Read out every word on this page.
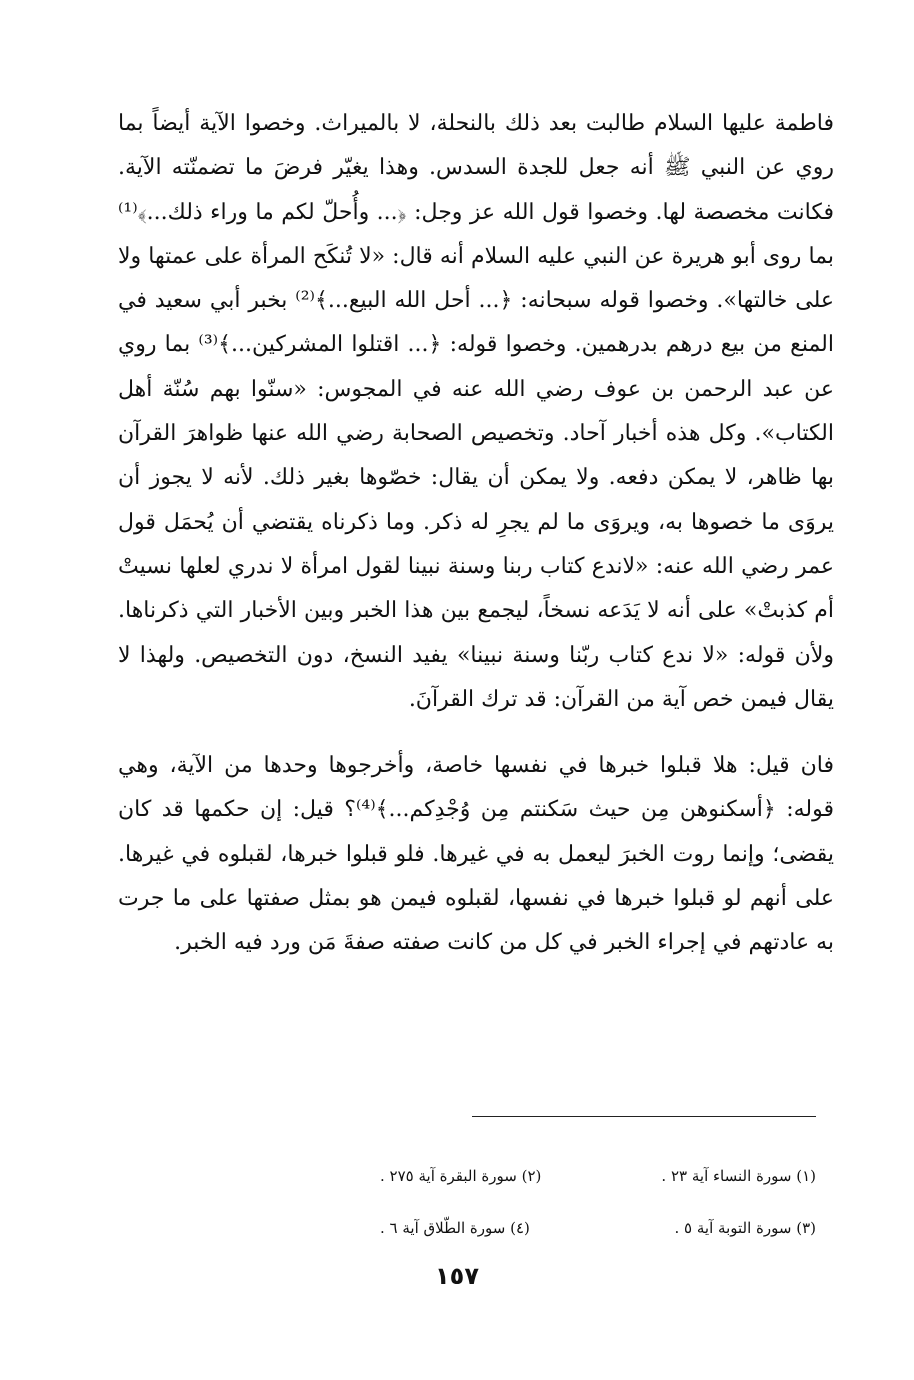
فاطمة عليها السلام طالبت بعد ذلك بالنحلة، لا بالميراث. وخصوا الآية أيضاً بما روي عن النبي ﷺ أنه جعل للجدة السدس. وهذا يغيّر فرضَ ما تضمنّته الآية. فكانت مخصصة لها. وخصوا قول الله عز وجل: ﴿... وأُحلّ لكم ما وراء ذلك...﴾⁽¹⁾ بما روى أبو هريرة عن النبي عليه السلام أنه قال: «لا تُنكَح المرأة على عمتها ولا على خالتها». وخصوا قوله سبحانه: ﴿... أحل الله البيع...﴾⁽²⁾ بخبر أبي سعيد في المنع من بيع درهم بدرهمين. وخصوا قوله: ﴿... اقتلوا المشركين...﴾⁽³⁾ بما روي عن عبد الرحمن بن عوف رضي الله عنه في المجوس: «سنّوا بهم سُنّة أهل الكتاب». وكل هذه أخبار آحاد. وتخصيص الصحابة رضي الله عنها ظواهرَ القرآن بها ظاهر، لا يمكن دفعه. ولا يمكن أن يقال: خصّوها بغير ذلك. لأنه لا يجوز أن يروَى ما خصوها به، ويروَى ما لم يجرِ له ذكر. وما ذكرناه يقتضي أن يُحمَل قول عمر رضي الله عنه: «لاندع كتاب ربنا وسنة نبينا لقول امرأة لا ندري لعلها نسيتْ أم كذبتْ» على أنه لا يَدَعه نسخاً، ليجمع بين هذا الخبر وبين الأخبار التي ذكرناها. ولأن قوله: «لا ندع كتاب ربّنا وسنة نبينا» يفيد النسخ، دون التخصيص. ولهذا لا يقال فيمن خص آية من القرآن: قد ترك القرآنَ.

فان قيل: هلا قبلوا خبرها في نفسها خاصة، وأخرجوها وحدها من الآية، وهي قوله: ﴿أسكنوهن مِن حيث سَكنتم مِن وُجْدِكم...﴾⁽⁴⁾؟ قيل: إن حكمها قد كان يقضى؛ وإنما روت الخبرَ ليعمل به في غيرها. فلو قبلوا خبرها، لقبلوه في غيرها. على أنهم لو قبلوا خبرها في نفسها، لقبلوه فيمن هو بمثل صفتها على ما جرت به عادتهم في إجراء الخبر في كل من كانت صفته صفةَ مَن ورد فيه الخبر.

(١) سورة النساء آية ٢٣ .
(٢) سورة البقرة آية ٢٧٥ .
(٣) سورة التوبة آية ٥ .
(٤) سورة الطّلاق آية ٦ .
١٥٧
